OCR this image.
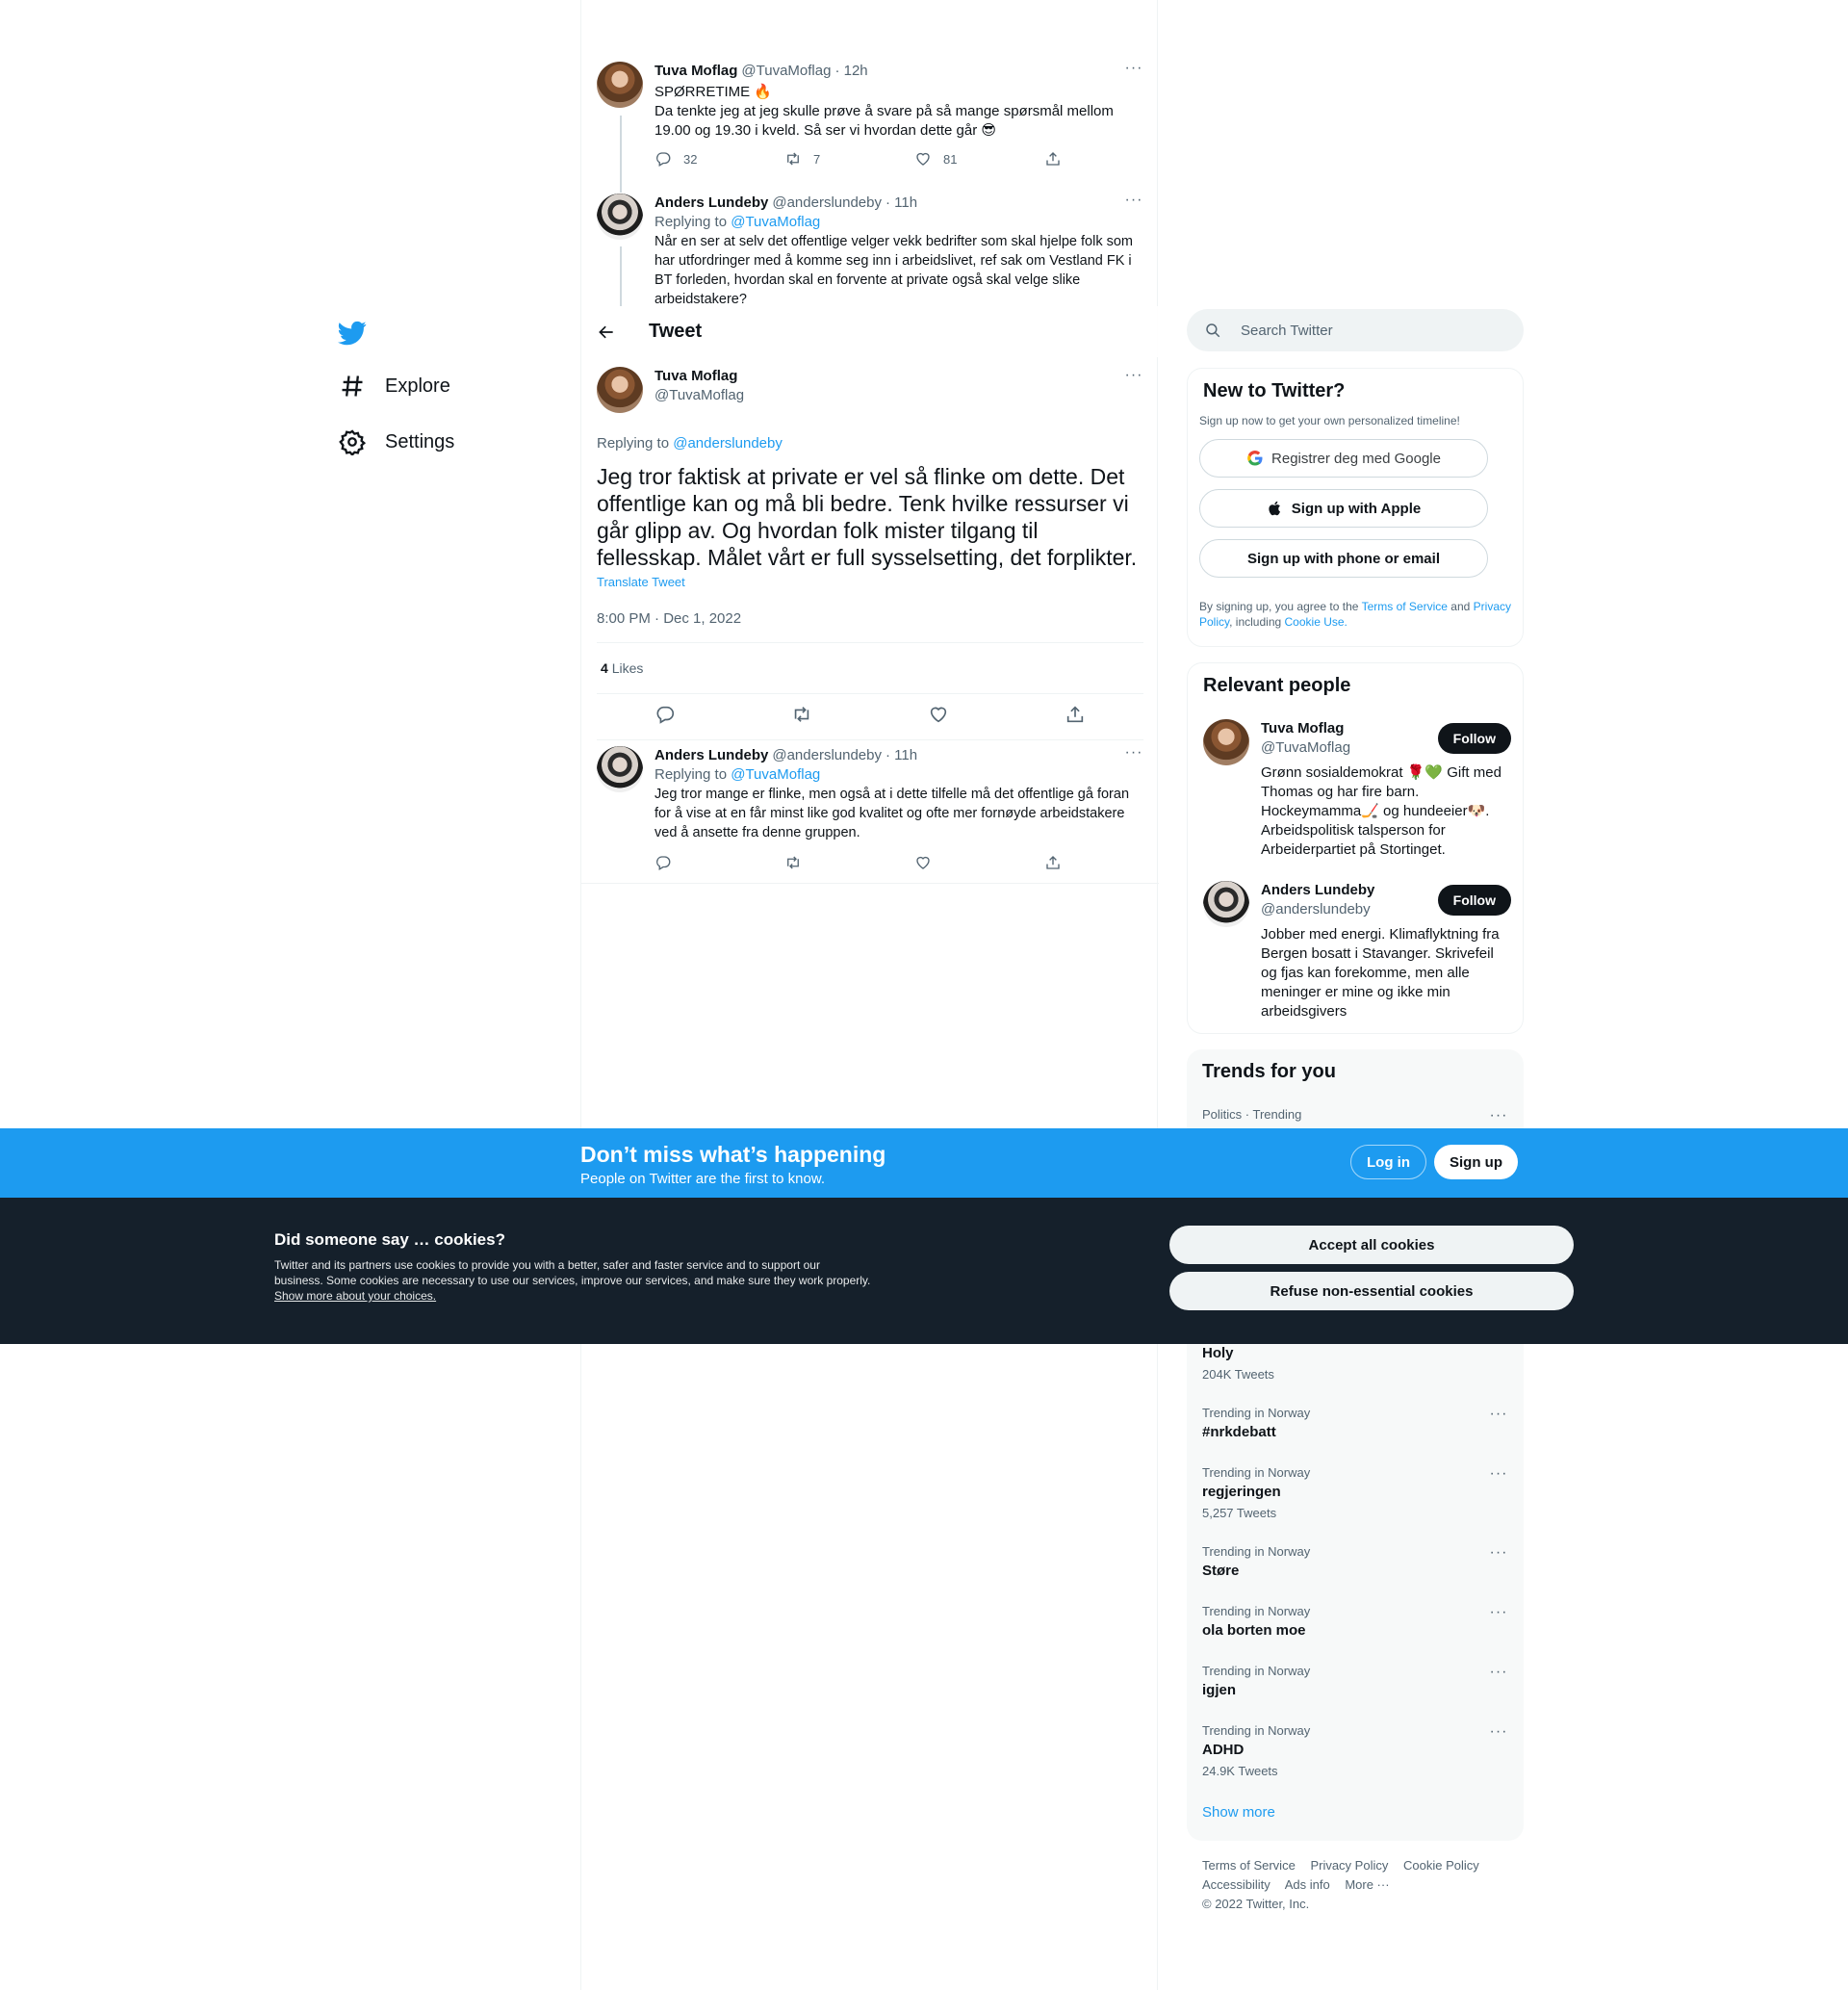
Explore
Settings
Tuva Moflag @TuvaMoflag · 12h	···
SPØRRETIME 🔥
Da tenkte jeg at jeg skulle prøve å svare på så mange spørsmål mellom 19.00 og 19.30 i kveld. Så ser vi hvordan dette går 😎
32	7	81
Anders Lundeby @anderslundeby · 11h	···
Replying to @TuvaMoflag
Når en ser at selv det offentlige velger vekk bedrifter som skal hjelpe folk som har utfordringer med å komme seg inn i arbeidslivet, ref sak om Vestland FK i BT forleden, hvordan skal en forvente at private også skal velge slike arbeidstakere?
Tweet
Tuva Moflag
@TuvaMoflag
···
Replying to @anderslundeby
Jeg tror faktisk at private er vel så flinke om dette. Det offentlige kan og må bli bedre. Tenk hvilke ressurser vi går glipp av. Og hvordan folk mister tilgang til fellesskap. Målet vårt er full sysselsetting, det forplikter.
Translate Tweet
8:00 PM · Dec 1, 2022
4 Likes
Anders Lundeby @anderslundeby · 11h	···
Replying to @TuvaMoflag
Jeg tror mange er flinke, men også at i dette tilfelle må det offentlige gå foran for å vise at en får minst like god kvalitet og ofte mer fornøyde arbeidstakere ved å ansette fra denne gruppen.
Search Twitter
New to Twitter?
Sign up now to get your own personalized timeline!
Registrer deg med Google
Sign up with Apple
Sign up with phone or email
By signing up, you agree to the Terms of Service and Privacy Policy, including Cookie Use.
Relevant people
Tuva Moflag
@TuvaMoflag
Grønn sosialdemokrat 🌹💚 Gift med Thomas og har fire barn. Hockeymamma🏒 og hundeeier🐶. Arbeidspolitisk talsperson for Arbeiderpartiet på Stortinget.
Follow
Anders Lundeby
@anderslundeby
Jobber med energi. Klimaflyktning fra Bergen bosatt i Stavanger. Skrivefeil og fjas kan forekomme, men alle meninger er mine og ikke min arbeidsgivers
Follow
Trends for you
Politics · Trending	···
Holy
204K Tweets
Trending in Norway
#nrkdebatt
···
Trending in Norway
regjeringen
5,257 Tweets
···
Trending in Norway
Støre
···
Trending in Norway
ola borten moe
···
Trending in Norway
igjen
···
Trending in Norway
ADHD
24.9K Tweets
···
Show more
Terms of Service Privacy Policy Cookie Policy
Accessibility Ads info More ···
© 2022 Twitter, Inc.
Don’t miss what’s happening
People on Twitter are the first to know.
Log in	Sign up
Did someone say … cookies?
Twitter and its partners use cookies to provide you with a better, safer and faster service and to support our business. Some cookies are necessary to use our services, improve our services, and make sure they work properly. Show more about your choices.
Accept all cookies
Refuse non-essential cookies
